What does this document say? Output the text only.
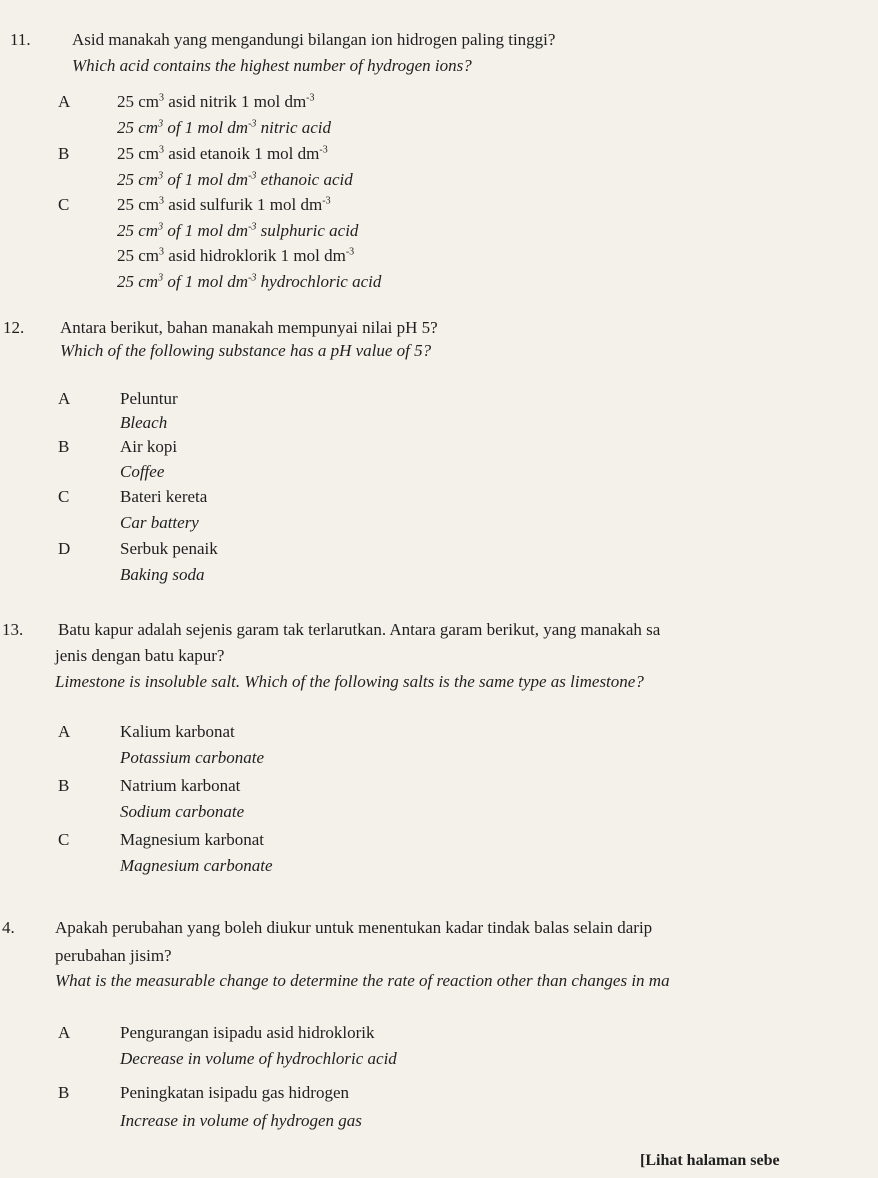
11. Asid manakah yang mengandungi bilangan ion hidrogen paling tinggi?
Which acid contains the highest number of hydrogen ions?
A	25 $cm^3$ asid nitrik 1 mol $dm^{-3}$
25 $cm^3$ of 1 mol $dm^{-3}$ nitric acid
B	25 $cm^3$ asid etanoik 1 mol $dm^{-3}$
25 $cm^3$ of 1 mol $dm^{-3}$ ethanoic acid
C	25 $cm^3$ asid sulfurik 1 mol $dm^{-3}$
25 $cm^3$ of 1 mol $dm^{-3}$ sulphuric acid
25 $cm^3$ asid hidroklorik 1 mol $dm^{-3}$
25 $cm^3$ of 1 mol $dm^{-3}$ hydrochloric acid
12. Antara berikut, bahan manakah mempunyai nilai pH 5?
Which of the following substance has a pH value of 5?
A	Peluntur
Bleach
B	Air kopi
Coffee
C	Bateri kereta
Car battery
D	Serbuk penaik
Baking soda
13. Batu kapur adalah sejenis garam tak terlarutkan. Antara garam berikut, yang manakah sa
jenis dengan batu kapur?
Limestone is insoluble salt. Which of the following salts is the same type as limestone?
A	Kalium karbonat
Potassium carbonate
B	Natrium karbonat
Sodium carbonate
C	Magnesium karbonat
Magnesium carbonate
4. Apakah perubahan yang boleh diukur untuk menentukan kadar tindak balas selain darip
perubahan jisim?
What is the measurable change to determine the rate of reaction other than changes in ma
A	Pengurangan isipadu asid hidroklorik
Decrease in volume of hydrochloric acid
B	Peningkatan isipadu gas hidrogen
Increase in volume of hydrogen gas
[Lihat halaman sebe
